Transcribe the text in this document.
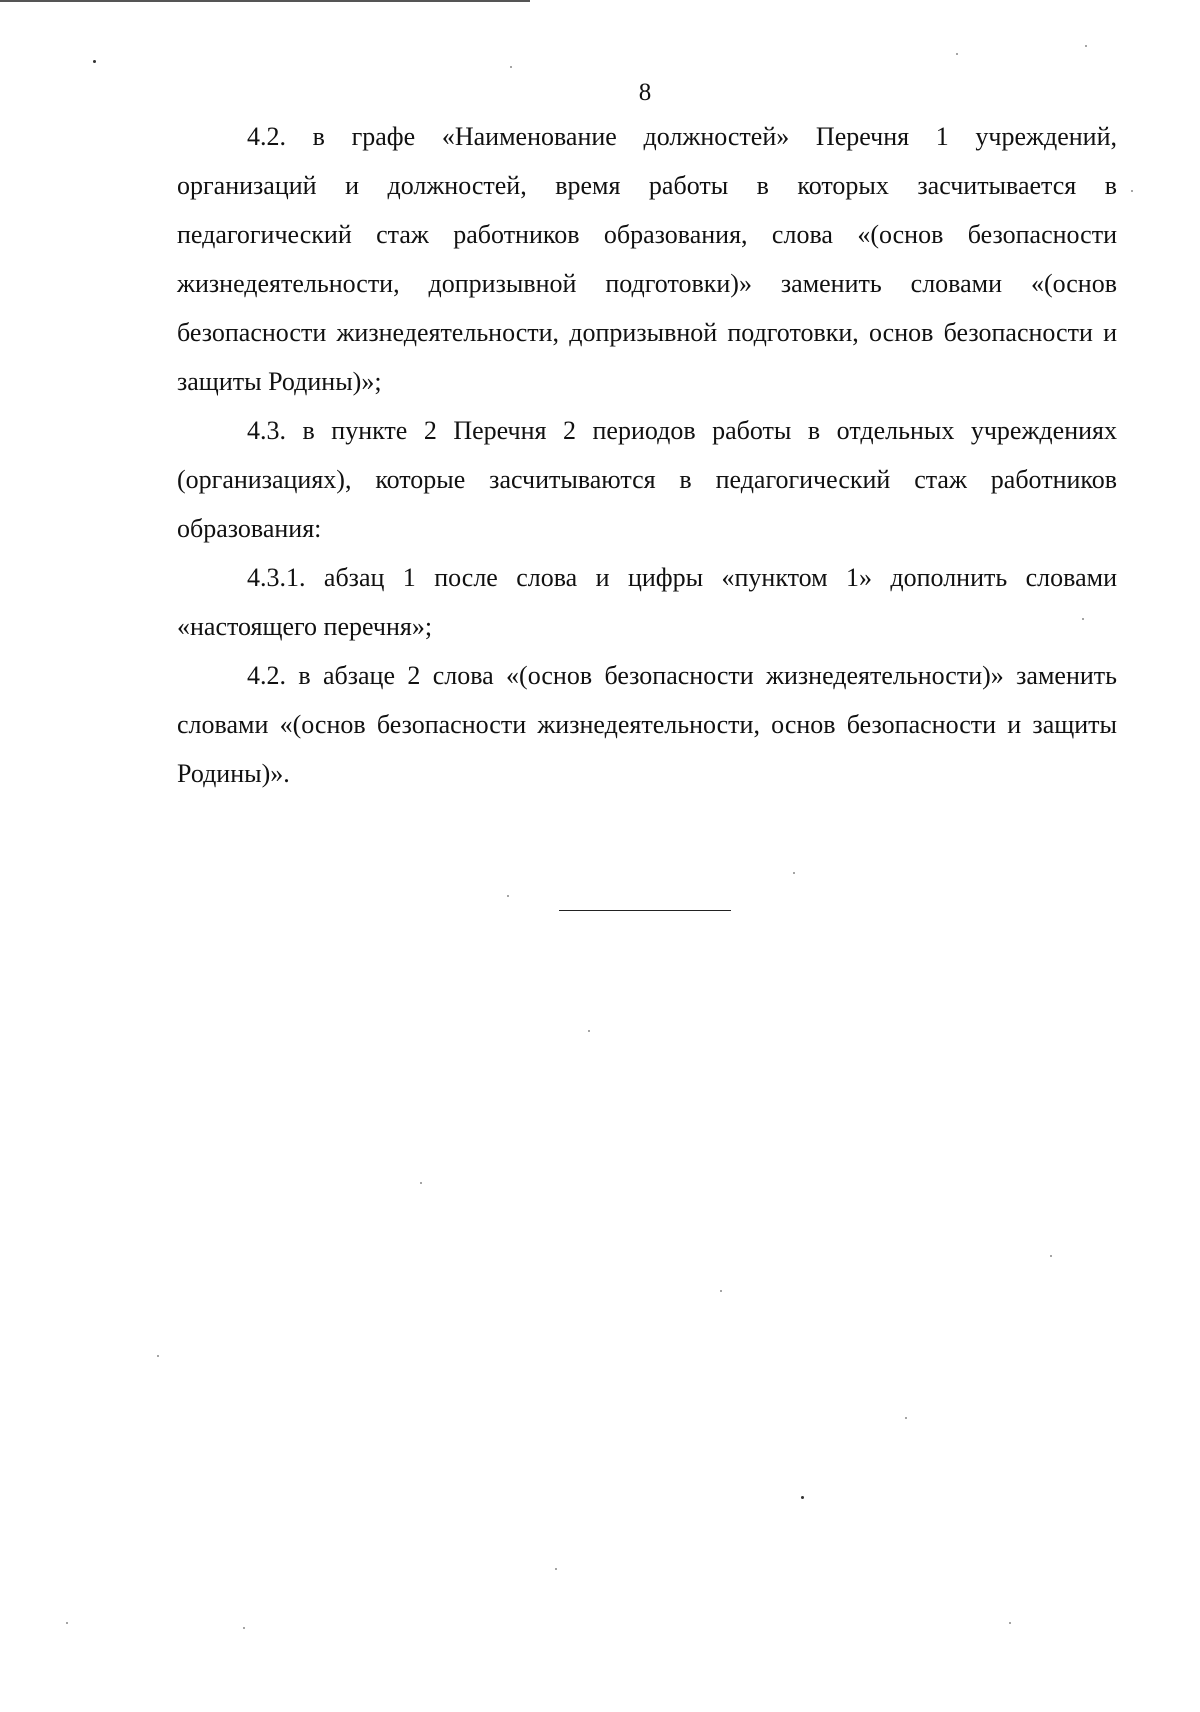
8

4.2. в графе «Наименование должностей» Перечня 1 учреждений, организаций и должностей, время работы в которых засчитывается в педагогический стаж работников образования, слова «(основ безопасности жизнедеятельности, допризывной подготовки)» заменить словами «(основ безопасности жизнедеятельности, допризывной подготовки, основ безопасности и защиты Родины)»;

4.3. в пункте 2 Перечня 2 периодов работы в отдельных учреждениях (организациях), которые засчитываются в педагогический стаж работников образования:

4.3.1. абзац 1 после слова и цифры «пунктом 1» дополнить словами «настоящего перечня»;

4.2. в абзаце 2 слова «(основ безопасности жизнедеятельности)» заменить словами «(основ безопасности жизнедеятельности, основ безопасности и защиты Родины)».
